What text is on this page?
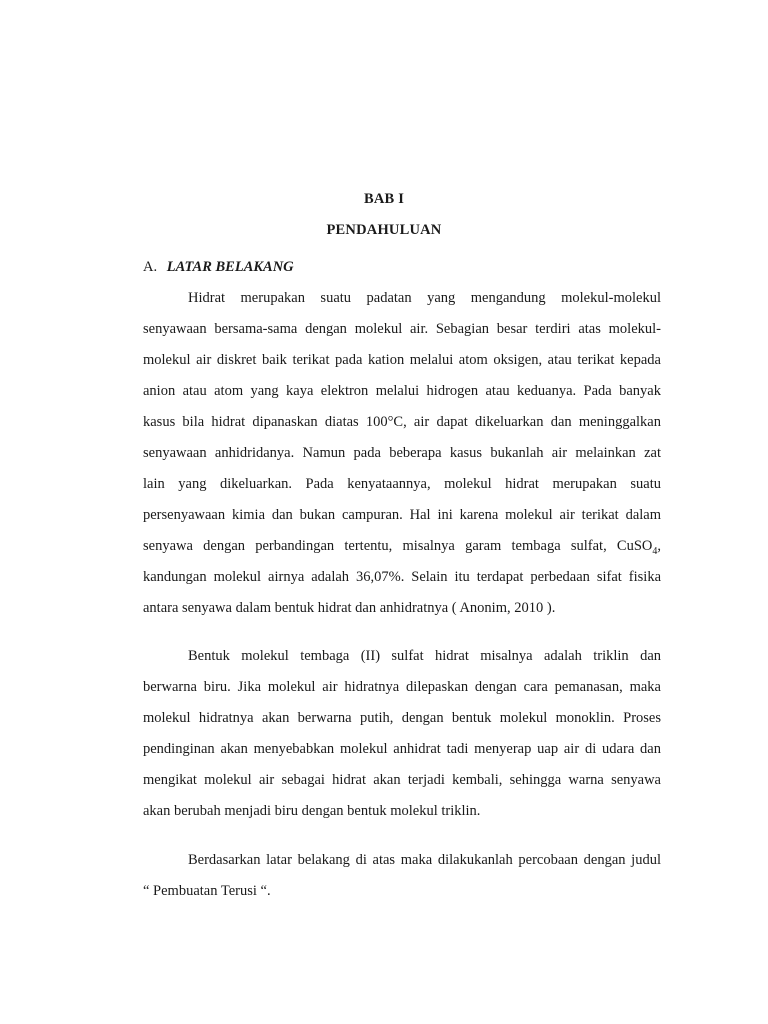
BAB I
PENDAHULUAN
A. LATAR BELAKANG
Hidrat merupakan suatu padatan yang mengandung molekul-molekul
senyawaan bersama-sama dengan molekul air. Sebagian besar terdiri atas molekul-
molekul air diskret baik terikat pada kation melalui atom oksigen, atau terikat kepada
anion atau atom yang kaya elektron melalui hidrogen atau keduanya. Pada banyak
kasus bila hidrat dipanaskan diatas 100°C, air dapat dikeluarkan dan meninggalkan
senyawaan anhidridanya. Namun pada beberapa kasus bukanlah air melainkan zat
lain yang dikeluarkan. Pada kenyataannya, molekul hidrat merupakan suatu
persenyawaan kimia dan bukan campuran. Hal ini karena molekul air terikat dalam
senyawa dengan perbandingan tertentu, misalnya garam tembaga sulfat, CuSO$_4$,
kandungan molekul airnya adalah 36,07%. Selain itu terdapat perbedaan sifat fisika
antara senyawa dalam bentuk hidrat dan anhidratnya ( Anonim, 2010 ).
Bentuk molekul tembaga (II) sulfat hidrat misalnya adalah triklin dan
berwarna biru. Jika molekul air hidratnya dilepaskan dengan cara pemanasan, maka
molekul hidratnya akan berwarna putih, dengan bentuk molekul monoklin. Proses
pendinginan akan menyebabkan molekul anhidrat tadi menyerap uap air di udara dan
mengikat molekul air sebagai hidrat akan terjadi kembali, sehingga warna senyawa
akan berubah menjadi biru dengan bentuk molekul triklin.
Berdasarkan latar belakang di atas maka dilakukanlah percobaan dengan judul
“ Pembuatan Terusi “.
